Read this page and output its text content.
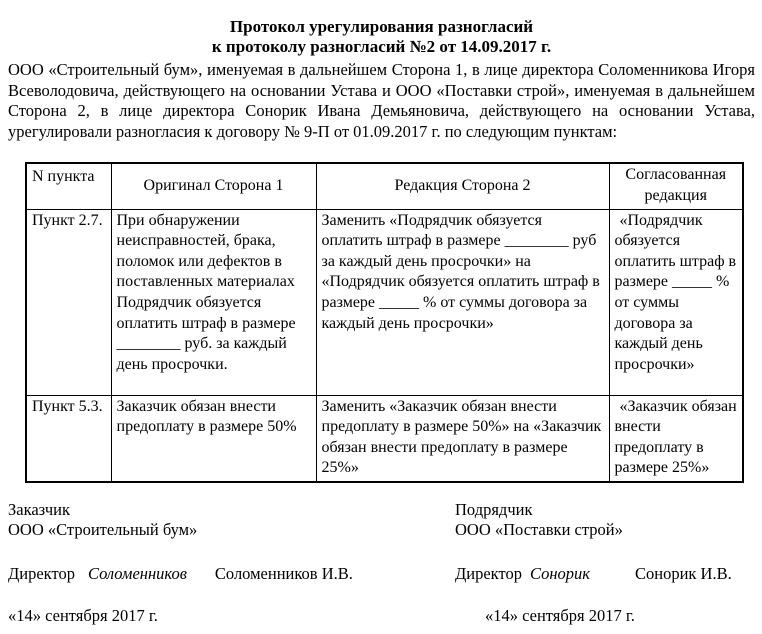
Протокол урегулирования разногласий
к протоколу разногласий №2 от 14.09.2017 г.

ООО «Строительный бум», именуемая в дальнейшем Сторона 1, в лице директора Соломенникова Игоря Всеволодовича, действующего на основании Устава и ООО «Поставки строй», именуемая в дальнейшем Сторона 2, в лице директора Сонорик Ивана Демьяновича, действующего на основании Устава, урегулировали разногласия к договору № 9-П от 01.09.2017 г. по следующим пунктам:

N пункта	Оригинал Сторона 1	Редакция Сторона 2	Согласованная редакция
Пункт 2.7.	При обнаружении неисправностей, брака, поломок или дефектов в поставленных материалах Подрядчик обязуется оплатить штраф в размере ________ руб. за каждый день просрочки.	Заменить «Подрядчик обязуется оплатить штраф в размере ________ руб за каждый день просрочки» на «Подрядчик обязуется оплатить штраф в размере _____ % от суммы договора за каждый день просрочки»	«Подрядчик обязуется оплатить штраф в размере _____ % от суммы договора за каждый день просрочки»
Пункт 5.3.	Заказчик обязан внести предоплату в размере 50%	Заменить «Заказчик обязан внести предоплату в размере 50%» на «Заказчик обязан внести предоплату в размере 25%»	«Заказчик обязан внести предоплату в размере 25%»
Заказчик
ООО «Строительный бум»
Директор Соломенников Соломенников И.В.
«14» сентября 2017 г.
Подрядчик
ООО «Поставки строй»
Директор Сонорик	Сонорик И.В.
«14» сентября 2017 г.
